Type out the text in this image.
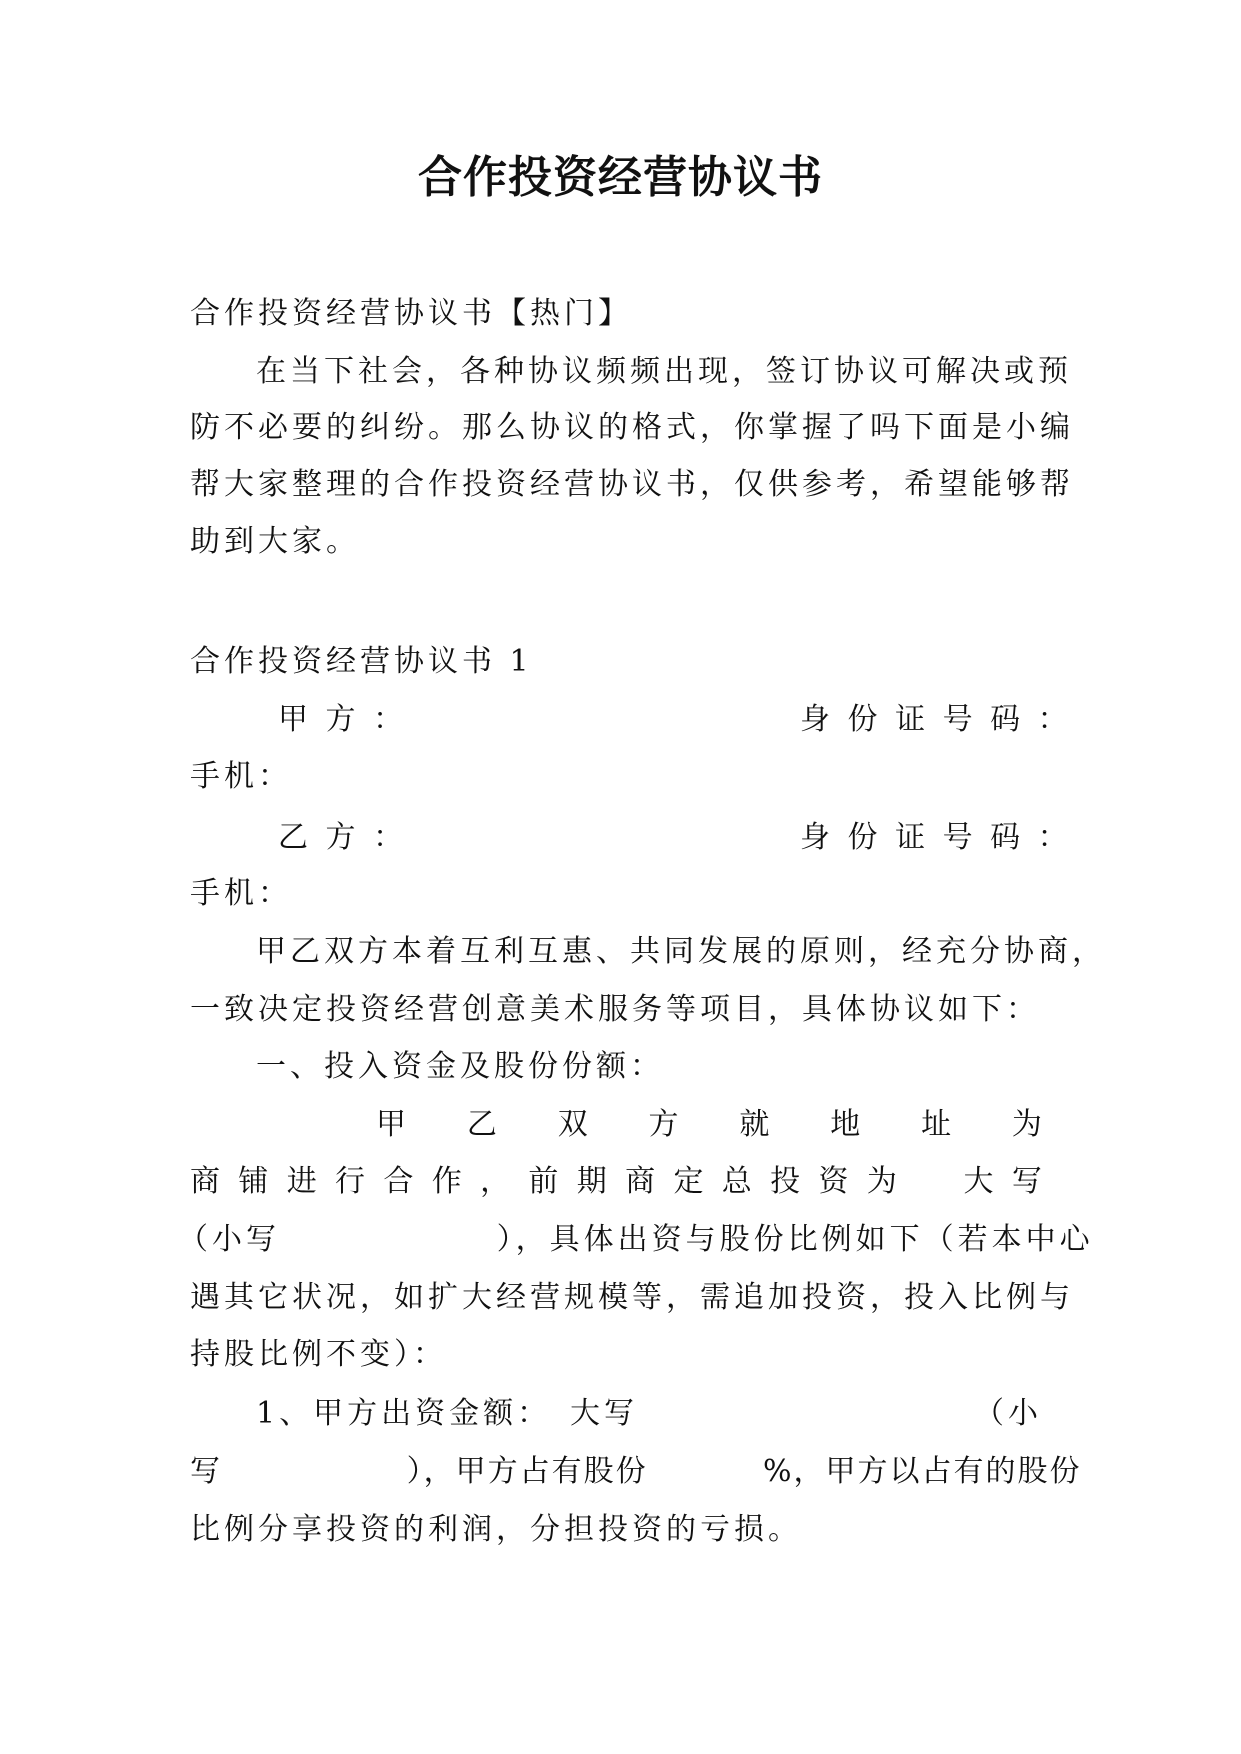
合作投资经营协议书
合作投资经营协议书【热门】
在当下社会，各种协议频频出现，签订协议可解决或预
防不必要的纠纷。那么协议的格式，你掌握了吗下面是小编
帮大家整理的合作投资经营协议书，仅供参考，希望能够帮
助到大家。
合作投资经营协议书 1
甲 方 ：	身 份 证 号 码 ：
手机：
乙 方 ：	身 份 证 号 码 ：
手机：
甲乙双方本着互利互惠、共同发展的原则，经充分协商，
一致决定投资经营创意美术服务等项目，具体协议如下：
一、投入资金及股份份额：
甲 乙 双 方 就 地 址 为
商 铺 进 行 合 作 ， 前 期 商 定 总 投 资 为 大 写
（小写                ），具体出资与股份比例如下（若本中心
遇其它状况，如扩大经营规模等，需追加投资，投入比例与
持股比例不变）：
1、甲方出资金额： 大写	（小
写                ），甲方占有股份          %，甲方以占有的股份
比例分享投资的利润，分担投资的亏损。
